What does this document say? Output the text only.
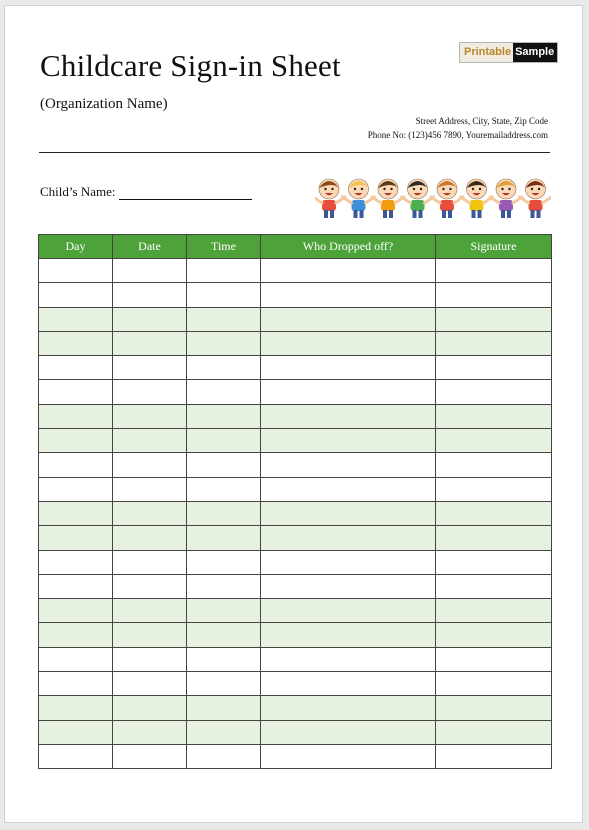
Childcare Sign-in Sheet
(Organization Name)
Printable Sample
Street Address, City, State, Zip Code
Phone No: (123)456 7890, Youremailaddress.com
Child’s Name:
Day	Date	Time	Who Dropped off?	Signature
